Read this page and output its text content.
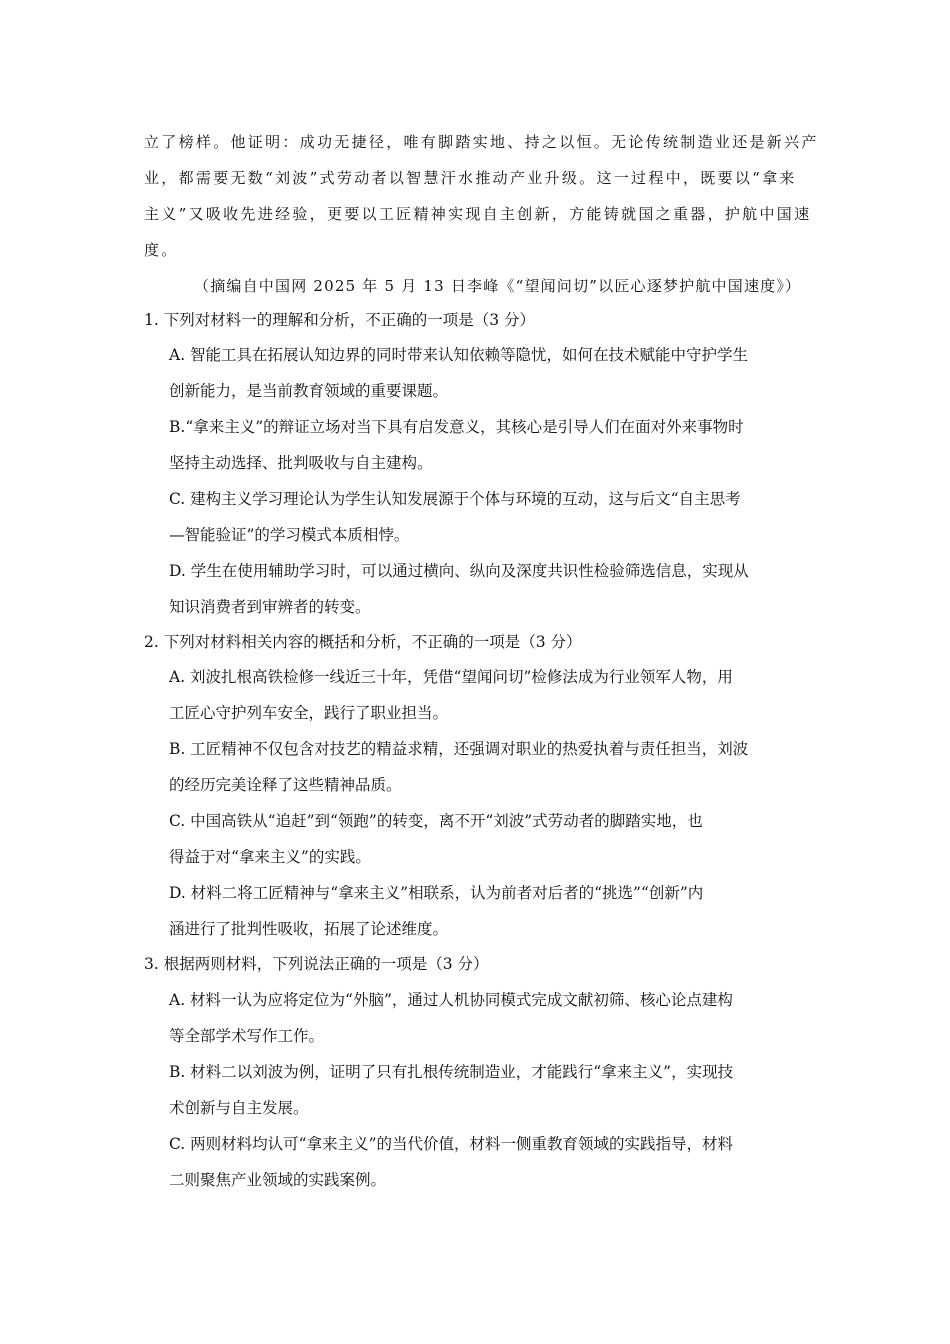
立了榜样。他证明：成功无捷径，唯有脚踏实地、持之以恒。无论传统制造业还是新兴产
业，都需要无数“刘波”式劳动者以智慧汗水推动产业升级。这一过程中，既要以“拿来
主义”又吸收先进经验，更要以工匠精神实现自主创新，方能铸就国之重器，护航中国速
度。
（摘编自中国网 2025 年 5 月 13 日李峰《“望闻问切”以匠心逐梦护航中国速度》）
1. 下列对材料一的理解和分析，不正确的一项是（3 分）
A. 智能工具在拓展认知边界的同时带来认知依赖等隐忧，如何在技术赋能中守护学生
创新能力，是当前教育领域的重要课题。
B.“拿来主义”的辩证立场对当下具有启发意义，其核心是引导人们在面对外来事物时
坚持主动选择、批判吸收与自主建构。
C. 建构主义学习理论认为学生认知发展源于个体与环境的互动，这与后文“自主思考
—智能验证”的学习模式本质相悖。
D. 学生在使用辅助学习时，可以通过横向、纵向及深度共识性检验筛选信息，实现从
知识消费者到审辨者的转变。
2. 下列对材料相关内容的概括和分析，不正确的一项是（3 分）
A. 刘波扎根高铁检修一线近三十年，凭借“望闻问切”检修法成为行业领军人物，用
工匠心守护列车安全，践行了职业担当。
B. 工匠精神不仅包含对技艺的精益求精，还强调对职业的热爱执着与责任担当，刘波
的经历完美诠释了这些精神品质。
C. 中国高铁从“追赶”到“领跑”的转变，离不开“刘波”式劳动者的脚踏实地，也
得益于对“拿来主义”的实践。
D. 材料二将工匠精神与“拿来主义”相联系，认为前者对后者的“挑选”“创新”内
涵进行了批判性吸收，拓展了论述维度。
3. 根据两则材料，下列说法正确的一项是（3 分）
A. 材料一认为应将定位为“外脑”，通过人机协同模式完成文献初筛、核心论点建构
等全部学术写作工作。
B. 材料二以刘波为例，证明了只有扎根传统制造业，才能践行“拿来主义”，实现技
术创新与自主发展。
C. 两则材料均认可“拿来主义”的当代价值，材料一侧重教育领域的实践指导，材料
二则聚焦产业领域的实践案例。
